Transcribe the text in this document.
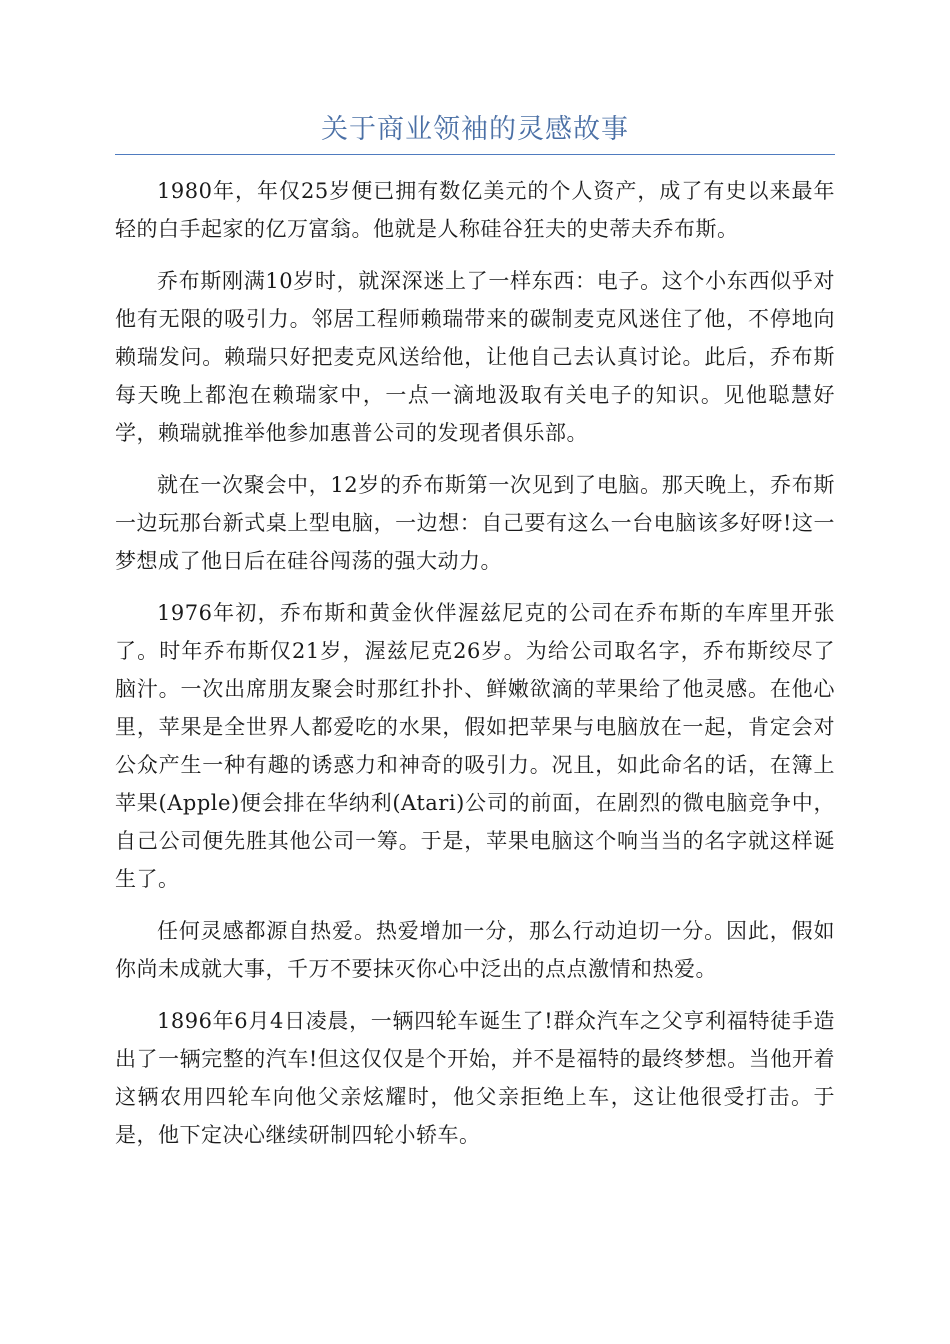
关于商业领袖的灵感故事

1980年，年仅25岁便已拥有数亿美元的个人资产，成了有史以来最年轻的白手起家的亿万富翁。他就是人称硅谷狂夫的史蒂夫乔布斯。

乔布斯刚满10岁时，就深深迷上了一样东西：电子。这个小东西似乎对他有无限的吸引力。邻居工程师赖瑞带来的碳制麦克风迷住了他，不停地向赖瑞发问。赖瑞只好把麦克风送给他，让他自己去认真讨论。此后，乔布斯每天晚上都泡在赖瑞家中，一点一滴地汲取有关电子的知识。见他聪慧好学，赖瑞就推举他参加惠普公司的发现者俱乐部。

就在一次聚会中，12岁的乔布斯第一次见到了电脑。那天晚上，乔布斯一边玩那台新式桌上型电脑，一边想：自己要有这么一台电脑该多好呀!这一梦想成了他日后在硅谷闯荡的强大动力。

1976年初，乔布斯和黄金伙伴渥兹尼克的公司在乔布斯的车库里开张了。时年乔布斯仅21岁，渥兹尼克26岁。为给公司取名字，乔布斯绞尽了脑汁。一次出席朋友聚会时那红扑扑、鲜嫩欲滴的苹果给了他灵感。在他心里，苹果是全世界人都爱吃的水果，假如把苹果与电脑放在一起，肯定会对公众产生一种有趣的诱惑力和神奇的吸引力。况且，如此命名的话，在簿上苹果(Apple)便会排在华纳利(Atari)公司的前面，在剧烈的微电脑竞争中，自己公司便先胜其他公司一筹。于是，苹果电脑这个响当当的名字就这样诞生了。

任何灵感都源自热爱。热爱增加一分，那么行动迫切一分。因此，假如你尚未成就大事，千万不要抹灭你心中泛出的点点激情和热爱。

1896年6月4日凌晨，一辆四轮车诞生了!群众汽车之父亨利福特徒手造出了一辆完整的汽车!但这仅仅是个开始，并不是福特的最终梦想。当他开着这辆农用四轮车向他父亲炫耀时，他父亲拒绝上车，这让他很受打击。于是，他下定决心继续研制四轮小轿车。
